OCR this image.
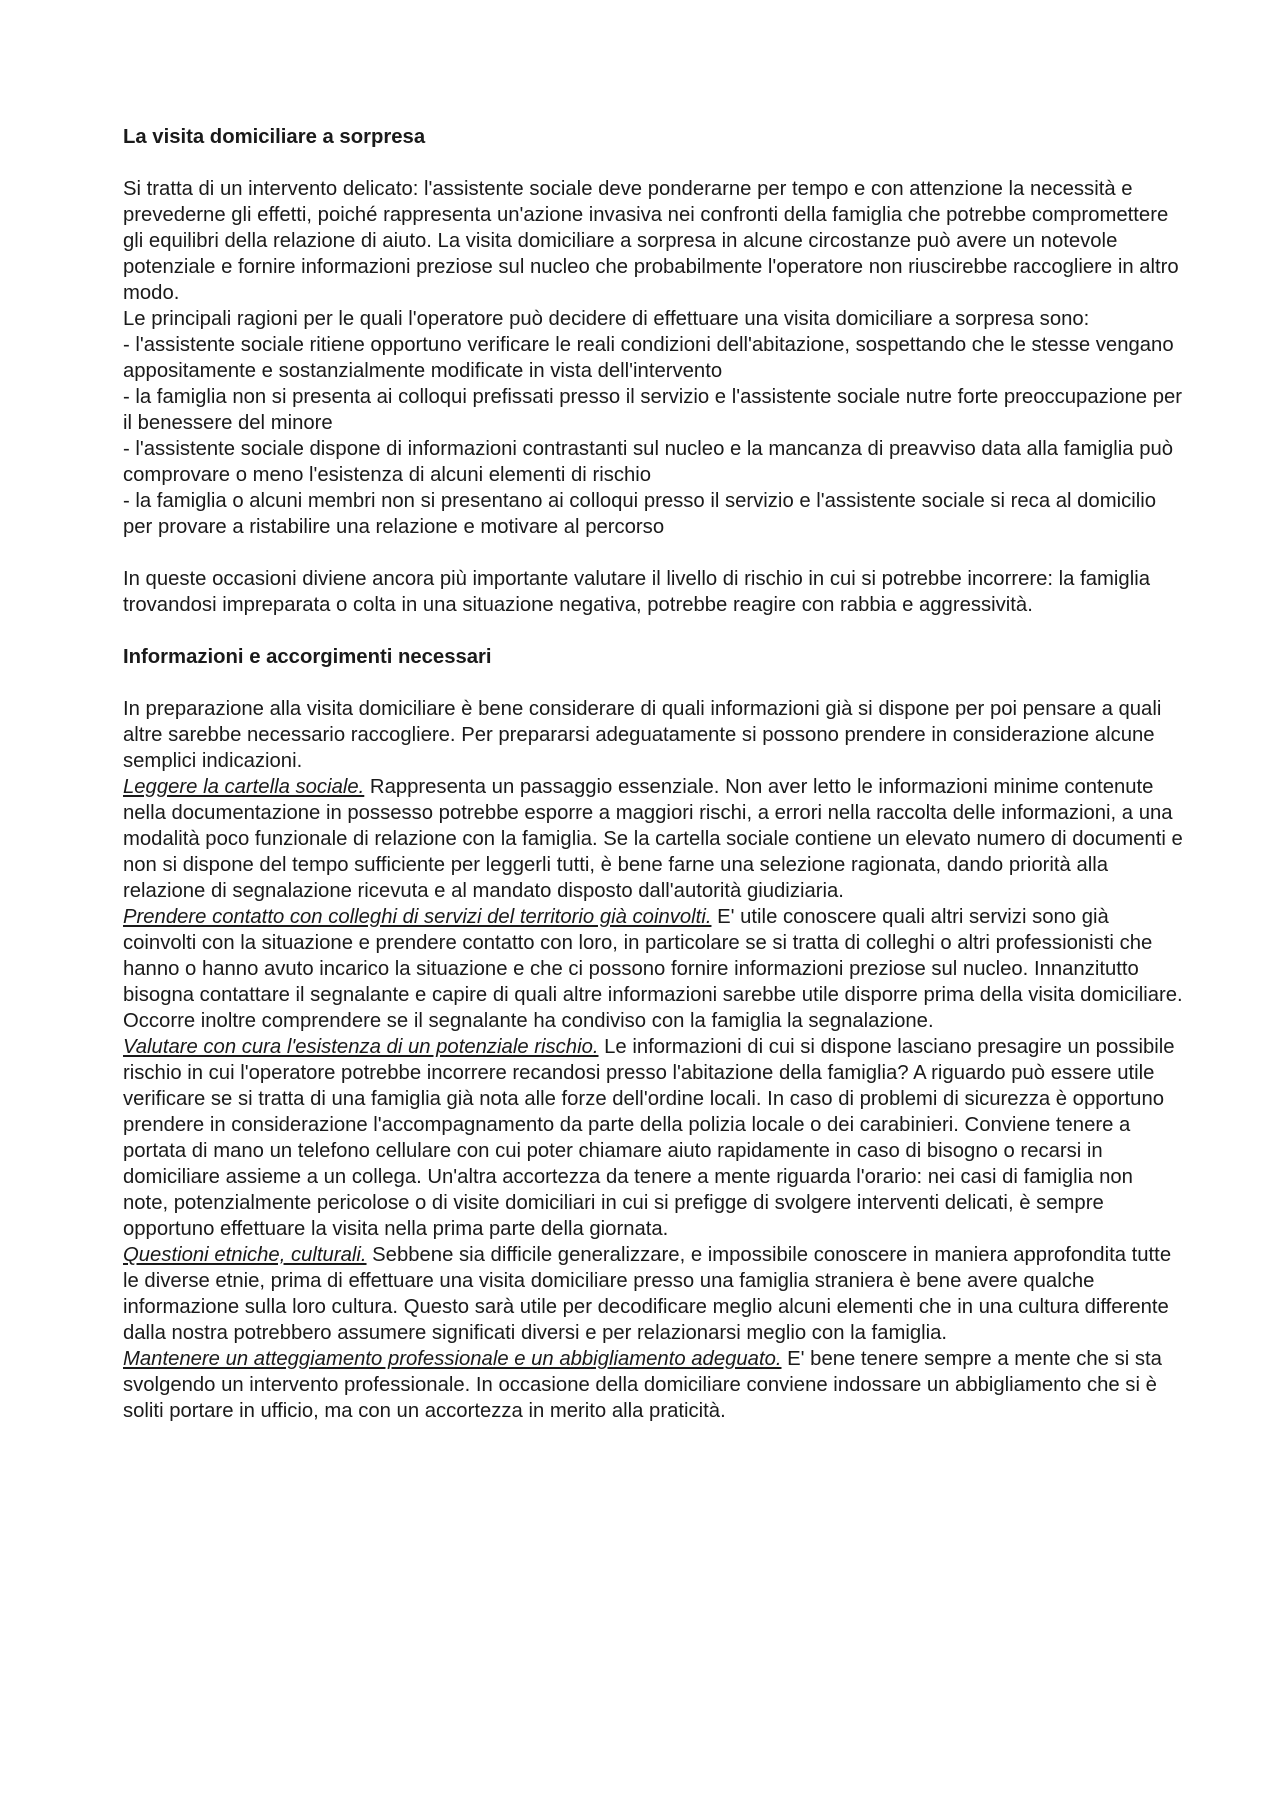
La visita domiciliare a sorpresa

Si tratta di un intervento delicato: l'assistente sociale deve ponderarne per tempo e con attenzione la necessità e prevederne gli effetti, poiché rappresenta un'azione invasiva nei confronti della famiglia che potrebbe compromettere gli equilibri della relazione di aiuto. La visita domiciliare a sorpresa in alcune circostanze può avere un notevole potenziale e fornire informazioni preziose sul nucleo che probabilmente l'operatore non riuscirebbe raccogliere in altro modo.

Le principali ragioni per le quali l'operatore può decidere di effettuare una visita domiciliare a sorpresa sono:

- l'assistente sociale ritiene opportuno verificare le reali condizioni dell'abitazione, sospettando che le stesse vengano appositamente e sostanzialmente modificate in vista dell'intervento

- la famiglia non si presenta ai colloqui prefissati presso il servizio e l'assistente sociale nutre forte preoccupazione per il benessere del minore

- l'assistente sociale dispone di informazioni contrastanti sul nucleo e la mancanza di preavviso data alla famiglia può comprovare o meno l'esistenza di alcuni elementi di rischio

- la famiglia o alcuni membri non si presentano ai colloqui presso il servizio e l'assistente sociale si reca al domicilio per provare a ristabilire una relazione e motivare al percorso

In queste occasioni diviene ancora più importante valutare il livello di rischio in cui si potrebbe incorrere: la famiglia trovandosi impreparata o colta in una situazione negativa, potrebbe reagire con rabbia e aggressività.

Informazioni e accorgimenti necessari

In preparazione alla visita domiciliare è bene considerare di quali informazioni già si dispone per poi pensare a quali altre sarebbe necessario raccogliere. Per prepararsi adeguatamente si possono prendere in considerazione alcune semplici indicazioni.

Leggere la cartella sociale. Rappresenta un passaggio essenziale. Non aver letto le informazioni minime contenute nella documentazione in possesso potrebbe esporre a maggiori rischi, a errori nella raccolta delle informazioni, a una modalità poco funzionale di relazione con la famiglia. Se la cartella sociale contiene un elevato numero di documenti e non si dispone del tempo sufficiente per leggerli tutti, è bene farne una selezione ragionata, dando priorità alla relazione di segnalazione ricevuta e al mandato disposto dall'autorità giudiziaria.

Prendere contatto con colleghi di servizi del territorio già coinvolti. E' utile conoscere quali altri servizi sono già coinvolti con la situazione e prendere contatto con loro, in particolare se si tratta di colleghi o altri professionisti che hanno o hanno avuto incarico la situazione e che ci possono fornire informazioni preziose sul nucleo. Innanzitutto bisogna contattare il segnalante e capire di quali altre informazioni sarebbe utile disporre prima della visita domiciliare. Occorre inoltre comprendere se il segnalante ha condiviso con la famiglia la segnalazione.

Valutare con cura l'esistenza di un potenziale rischio. Le informazioni di cui si dispone lasciano presagire un possibile rischio in cui l'operatore potrebbe incorrere recandosi presso l'abitazione della famiglia? A riguardo può essere utile verificare se si tratta di una famiglia già nota alle forze dell'ordine locali. In caso di problemi di sicurezza è opportuno prendere in considerazione l'accompagnamento da parte della polizia locale o dei carabinieri. Conviene tenere a portata di mano un telefono cellulare con cui poter chiamare aiuto rapidamente in caso di bisogno o recarsi in domiciliare assieme a un collega. Un'altra accortezza da tenere a mente riguarda l'orario: nei casi di famiglia non note, potenzialmente pericolose o di visite domiciliari in cui si prefigge di svolgere interventi delicati, è sempre opportuno effettuare la visita nella prima parte della giornata.

Questioni etniche, culturali. Sebbene sia difficile generalizzare, e impossibile conoscere in maniera approfondita tutte le diverse etnie, prima di effettuare una visita domiciliare presso una famiglia straniera è bene avere qualche informazione sulla loro cultura. Questo sarà utile per decodificare meglio alcuni elementi che in una cultura differente dalla nostra potrebbero assumere significati diversi e per relazionarsi meglio con la famiglia.

Mantenere un atteggiamento professionale e un abbigliamento adeguato. E' bene tenere sempre a mente che si sta svolgendo un intervento professionale. In occasione della domiciliare conviene indossare un abbigliamento che si è soliti portare in ufficio, ma con un accortezza in merito alla praticità.
